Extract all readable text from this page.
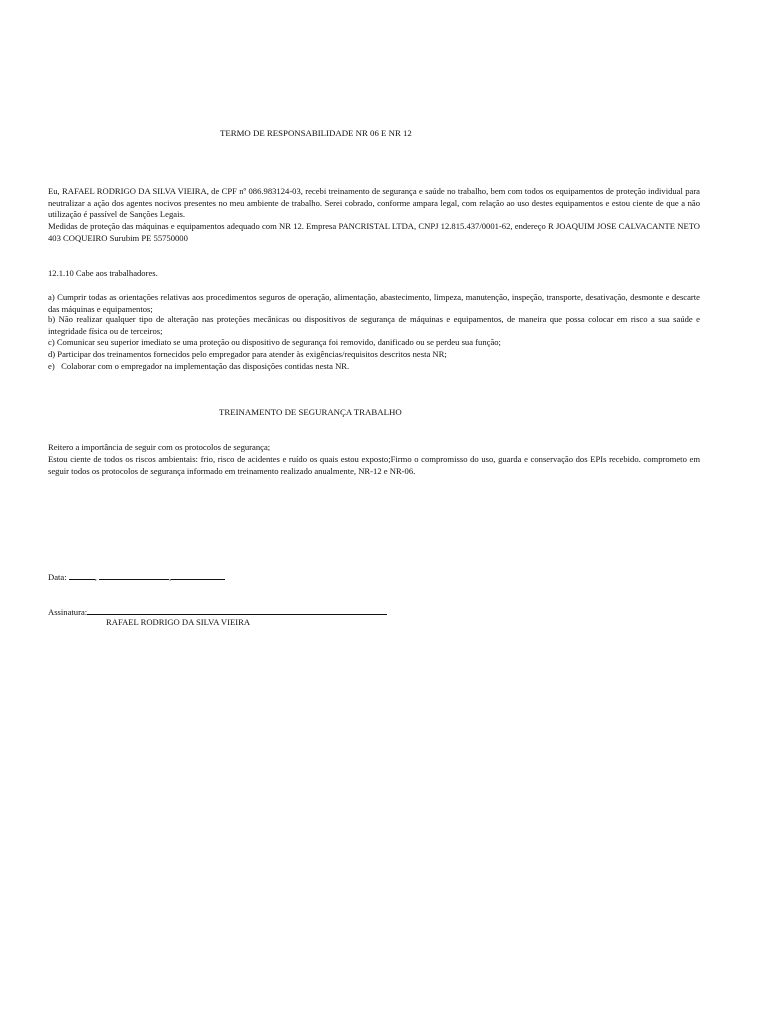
TERMO DE RESPONSABILIDADE NR 06 E NR 12
Eu, RAFAEL RODRIGO DA SILVA VIEIRA, de CPF nº 086.983124-03, recebi treinamento de segurança e saúde no trabalho, bem com todos os equipamentos de proteção individual para neutralizar a ação dos agentes nocivos presentes no meu ambiente de trabalho. Serei cobrado, conforme ampara legal, com relação ao uso destes equipamentos e estou ciente de que a não utilização é passível de Sanções Legais.
Medidas de proteção das máquinas e equipamentos adequado com NR 12. Empresa PANCRISTAL LTDA, CNPJ 12.815.437/0001-62, endereço R JOAQUIM JOSE CALVACANTE NETO 403 COQUEIRO Surubim PE 55750000
12.1.10 Cabe aos trabalhadores.
a) Cumprir todas as orientações relativas aos procedimentos seguros de operação, alimentação, abastecimento, limpeza, manutenção, inspeção, transporte, desativação, desmonte e descarte das máquinas e equipamentos;
b) Não realizar qualquer tipo de alteração nas proteções mecânicas ou dispositivos de segurança de máquinas e equipamentos, de maneira que possa colocar em risco a sua saúde e integridade física ou de terceiros;
c) Comunicar seu superior imediato se uma proteção ou dispositivo de segurança foi removido, danificado ou se perdeu sua função;
d) Participar dos treinamentos fornecidos pelo empregador para atender às exigências/requisitos descritos nesta NR;
e)   Colaborar com o empregador na implementação das disposições contidas nesta NR.
TREINAMENTO DE SEGURANÇA TRABALHO
Reitero a importância de seguir com os protocolos de segurança;
Estou ciente de todos os riscos ambientais: frio, risco de acidentes e ruído os quais estou exposto;Firmo o compromisso do uso, guarda e conservação dos EPIs recebido. comprometo em seguir todos os protocolos de segurança informado em treinamento realizado anualmente, NR-12 e NR-06.
Data:	,	,
Assinatura:
RAFAEL RODRIGO DA SILVA VIEIRA
